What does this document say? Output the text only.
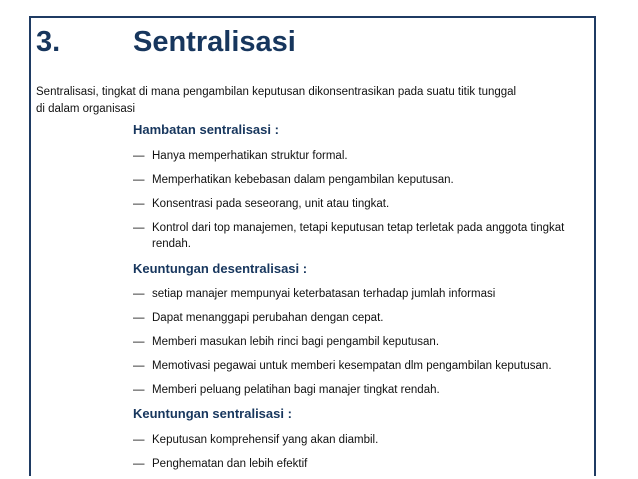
3.	Sentralisasi
Sentralisasi, tingkat di mana pengambilan keputusan dikonsentrasikan pada suatu titik tunggal
di dalam organisasi
Hambatan sentralisasi :
— Hanya memperhatikan struktur formal.
— Memperhatikan kebebasan dalam pengambilan keputusan.
— Konsentrasi pada seseorang, unit atau tingkat.
— Kontrol dari top manajemen, tetapi keputusan tetap terletak pada anggota tingkat rendah.
Keuntungan desentralisasi :
— setiap manajer mempunyai keterbatasan terhadap jumlah informasi
— Dapat menanggapi perubahan dengan cepat.
— Memberi masukan lebih rinci bagi pengambil keputusan.
— Memotivasi pegawai untuk memberi kesempatan dlm pengambilan keputusan.
— Memberi peluang pelatihan bagi manajer tingkat rendah.
Keuntungan sentralisasi :
— Keputusan komprehensif yang akan diambil.
— Penghematan dan lebih efektif
